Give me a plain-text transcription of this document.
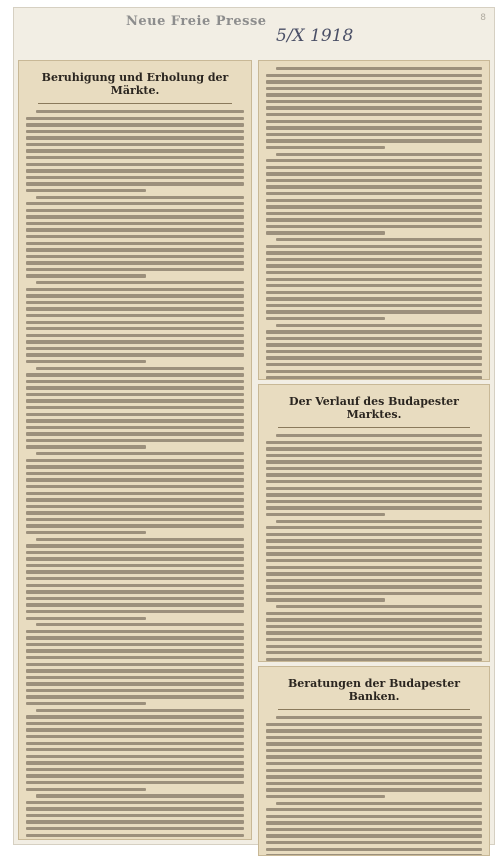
Neue Freie Presse
5/X 1918
8
Beruhigung und Erholung der Märkte.
Der Verlauf des Budapester Marktes.
Beratungen der Budapester Banken.
